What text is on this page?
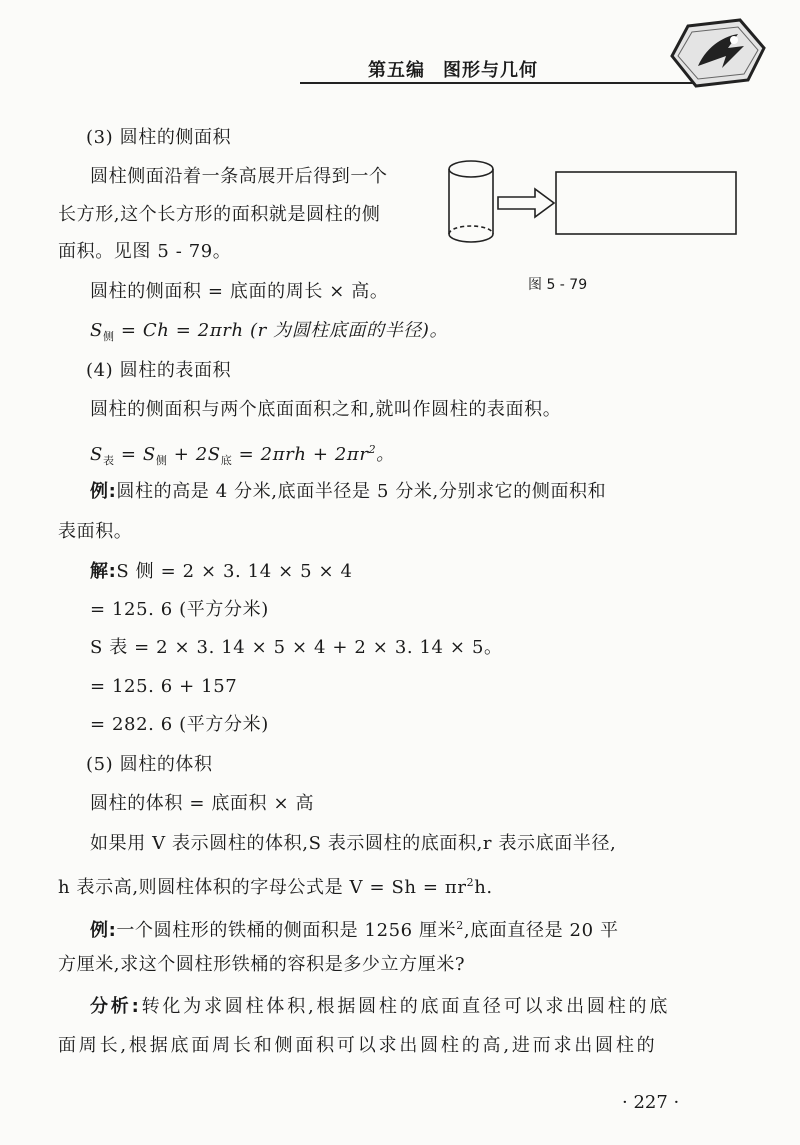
第五编 图形与几何
(3) 圆柱的侧面积
圆柱侧面沿着一条高展开后得到一个
长方形,这个长方形的面积就是圆柱的侧
面积。见图 5 - 79。
图 5 - 79
圆柱的侧面积 = 底面的周长 × 高。
$S_侧 = Ch = 2\pi rh$ (r 为圆柱底面的半径)。
(4) 圆柱的表面积
圆柱的侧面积与两个底面面积之和,就叫作圆柱的表面积。
$S_表 = S_侧 + 2S_底 = 2\pi rh + 2\pi r^2$。
例:圆柱的高是 4 分米,底面半径是 5 分米,分别求它的侧面积和
表面积。
解:S 侧 = 2 × 3. 14 × 5 × 4
= 125. 6 (平方分米)
S 表 = 2 × 3. 14 × 5 × 4 + 2 × 3. 14 × 5。
= 125. 6 + 157
= 282. 6 (平方分米)
(5) 圆柱的体积
圆柱的体积 = 底面积 × 高
如果用 V 表示圆柱的体积,S 表示圆柱的底面积,r 表示底面半径,
h 表示高,则圆柱体积的字母公式是 $V = Sh = \pi r^2h$.
例:一个圆柱形的铁桶的侧面积是 1256 厘米$^2$,底面直径是 20 平
方厘米,求这个圆柱形铁桶的容积是多少立方厘米?
分析:转化为求圆柱体积,根据圆柱的底面直径可以求出圆柱的底
面周长,根据底面周长和侧面积可以求出圆柱的高,进而求出圆柱的
· 227 ·
